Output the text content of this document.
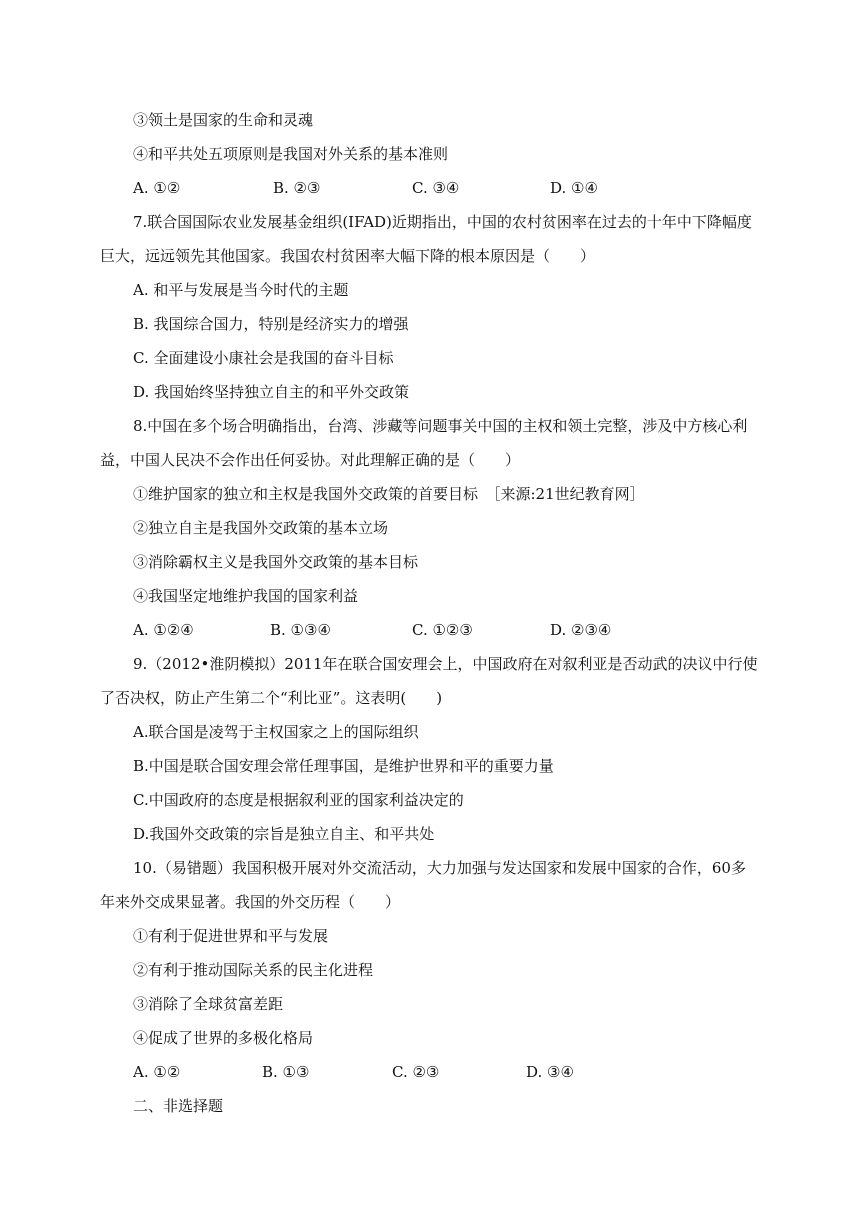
③领土是国家的生命和灵魂
④和平共处五项原则是我国对外关系的基本准则
A. ①②	B. ②③	C. ③④	D. ①④
7.联合国国际农业发展基金组织(IFAD)近期指出，中国的农村贫困率在过去的十年中下降幅度
巨大，远远领先其他国家。我国农村贫困率大幅下降的根本原因是（　　）
A. 和平与发展是当今时代的主题
B. 我国综合国力，特别是经济实力的增强
C. 全面建设小康社会是我国的奋斗目标
D. 我国始终坚持独立自主的和平外交政策
8.中国在多个场合明确指出，台湾、涉藏等问题事关中国的主权和领土完整，涉及中方核心利
益，中国人民决不会作出任何妥协。对此理解正确的是（　　）
①维护国家的独立和主权是我国外交政策的首要目标　［来源:21世纪教育网］
②独立自主是我国外交政策的基本立场
③消除霸权主义是我国外交政策的基本目标
④我国坚定地维护我国的国家利益
A. ①②④	B. ①③④	C. ①②③	D. ②③④
9.（2012•淮阴模拟）2011年在联合国安理会上，中国政府在对叙利亚是否动武的决议中行使
了否决权，防止产生第二个“利比亚”。这表明(　　)
A.联合国是凌驾于主权国家之上的国际组织
B.中国是联合国安理会常任理事国，是维护世界和平的重要力量
C.中国政府的态度是根据叙利亚的国家利益决定的
D.我国外交政策的宗旨是独立自主、和平共处
10.（易错题）我国积极开展对外交流活动，大力加强与发达国家和发展中国家的合作，60多
年来外交成果显著。我国的外交历程（　　）
①有利于促进世界和平与发展
②有利于推动国际关系的民主化进程
③消除了全球贫富差距
④促成了世界的多极化格局
A. ①②	B. ①③	C. ②③	D. ③④
二、非选择题
